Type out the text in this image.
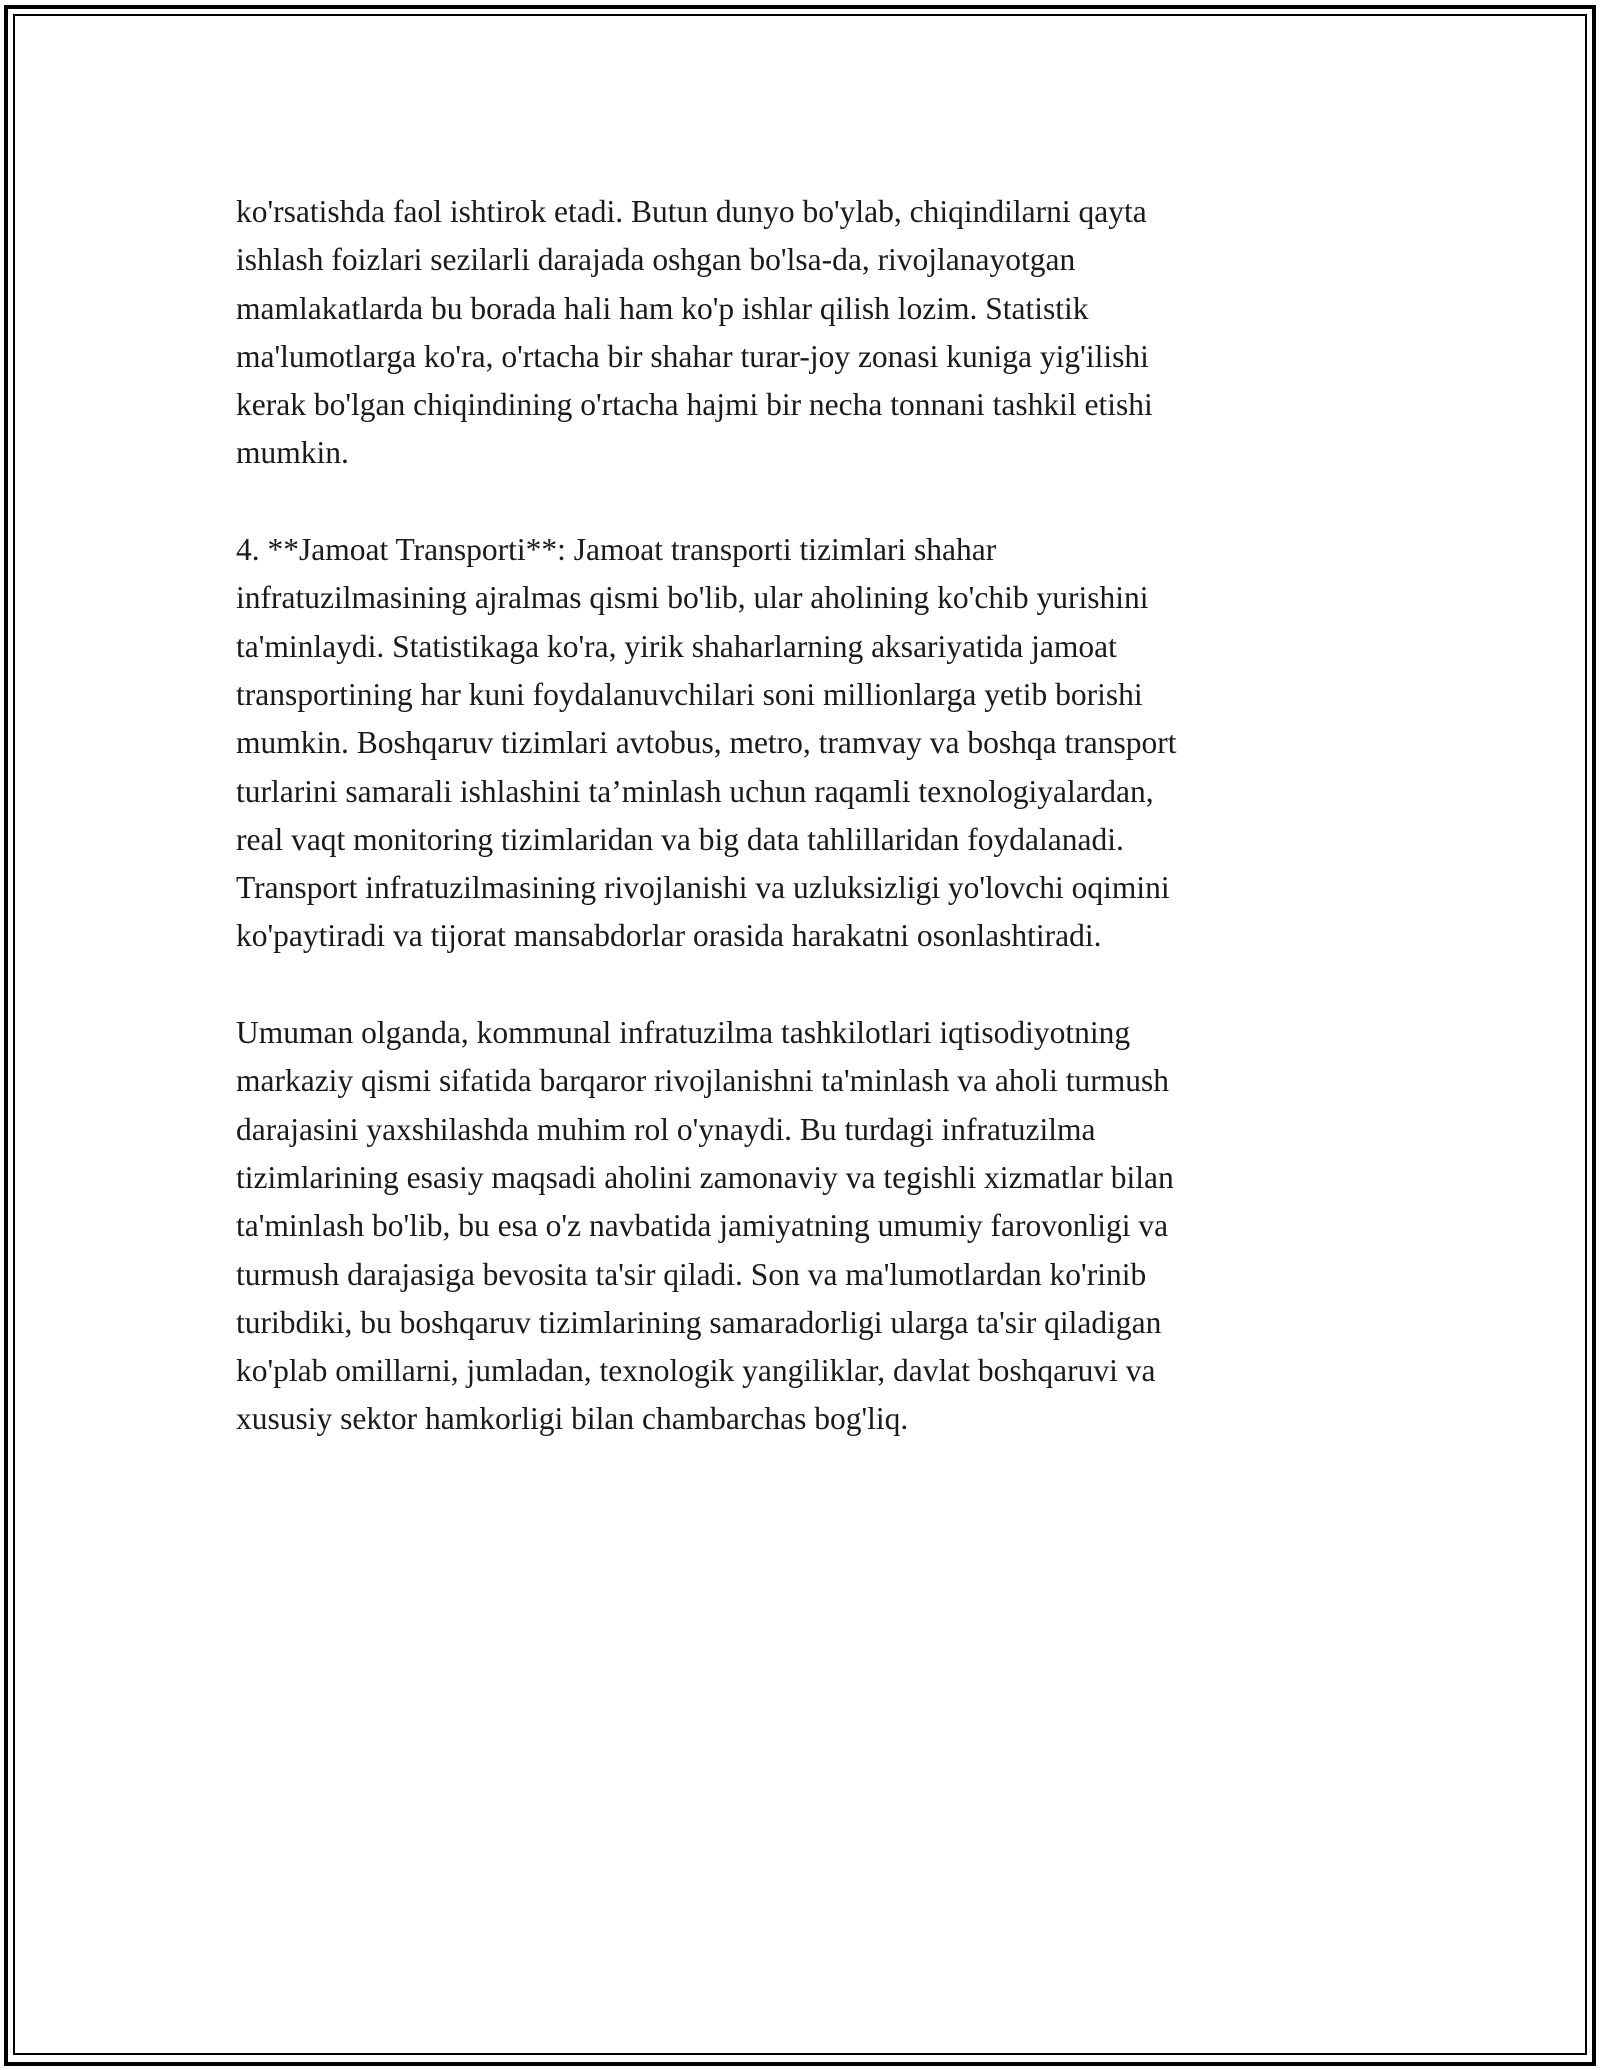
ko'rsatishda faol ishtirok etadi. Butun dunyo bo'ylab, chiqindilarni qayta
ishlash foizlari sezilarli darajada oshgan bo'lsa-da, rivojlanayotgan
mamlakatlarda bu borada hali ham ko'p ishlar qilish lozim. Statistik
ma'lumotlarga ko'ra, o'rtacha bir shahar turar-joy zonasi kuniga yig'ilishi
kerak bo'lgan chiqindining o'rtacha hajmi bir necha tonnani tashkil etishi
mumkin.

4. **Jamoat Transporti**: Jamoat transporti tizimlari shahar
infratuzilmasining ajralmas qismi bo'lib, ular aholining ko'chib yurishini
ta'minlaydi. Statistikaga ko'ra, yirik shaharlarning aksariyatida jamoat
transportining har kuni foydalanuvchilari soni millionlarga yetib borishi
mumkin. Boshqaruv tizimlari avtobus, metro, tramvay va boshqa transport
turlarini samarali ishlashini ta’minlash uchun raqamli texnologiyalardan,
real vaqt monitoring tizimlaridan va big data tahlillaridan foydalanadi.
Transport infratuzilmasining rivojlanishi va uzluksizligi yo'lovchi oqimini
ko'paytiradi va tijorat mansabdorlar orasida harakatni osonlashtiradi.

Umuman olganda, kommunal infratuzilma tashkilotlari iqtisodiyotning
markaziy qismi sifatida barqaror rivojlanishni ta'minlash va aholi turmush
darajasini yaxshilashda muhim rol o'ynaydi. Bu turdagi infratuzilma
tizimlarining esasiy maqsadi aholini zamonaviy va tegishli xizmatlar bilan
ta'minlash bo'lib, bu esa o'z navbatida jamiyatning umumiy farovonligi va
turmush darajasiga bevosita ta'sir qiladi. Son va ma'lumotlardan ko'rinib
turibdiki, bu boshqaruv tizimlarining samaradorligi ularga ta'sir qiladigan
ko'plab omillarni, jumladan, texnologik yangiliklar, davlat boshqaruvi va
xususiy sektor hamkorligi bilan chambarchas bog'liq.
